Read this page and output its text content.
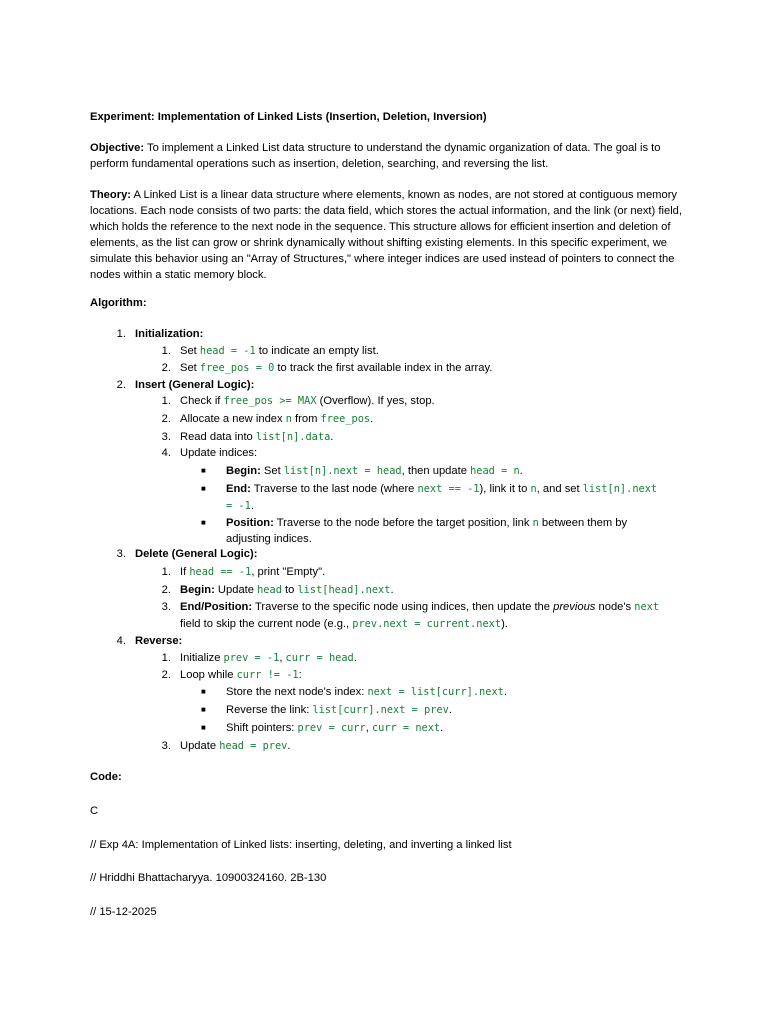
Experiment: Implementation of Linked Lists (Insertion, Deletion, Inversion)
Objective: To implement a Linked List data structure to understand the dynamic organization of data. The goal is to perform fundamental operations such as insertion, deletion, searching, and reversing the list.
Theory: A Linked List is a linear data structure where elements, known as nodes, are not stored at contiguous memory locations. Each node consists of two parts: the data field, which stores the actual information, and the link (or next) field, which holds the reference to the next node in the sequence. This structure allows for efficient insertion and deletion of elements, as the list can grow or shrink dynamically without shifting existing elements. In this specific experiment, we simulate this behavior using an "Array of Structures," where integer indices are used instead of pointers to connect the nodes within a static memory block.
Algorithm:
1. Initialization:
1. Set head = -1 to indicate an empty list.
2. Set free_pos = 0 to track the first available index in the array.
2. Insert (General Logic):
1. Check if free_pos >= MAX (Overflow). If yes, stop.
2. Allocate a new index n from free_pos.
3. Read data into list[n].data.
4. Update indices:
■ Begin: Set list[n].next = head, then update head = n.
■ End: Traverse to the last node (where next == -1), link it to n, and set list[n].next
= -1.
■ Position: Traverse to the node before the target position, link n between them by
adjusting indices.
3. Delete (General Logic):
1. If head == -1, print "Empty".
2. Begin: Update head to list[head].next.
3. End/Position: Traverse to the specific node using indices, then update the previous node's next
field to skip the current node (e.g., prev.next = current.next).
4. Reverse:
1. Initialize prev = -1, curr = head.
2. Loop while curr != -1:
■ Store the next node's index: next = list[curr].next.
■ Reverse the link: list[curr].next = prev.
■ Shift pointers: prev = curr, curr = next.
3. Update head = prev.
Code:
C
// Exp 4A: Implementation of Linked lists: inserting, deleting, and inverting a linked list
// Hriddhi Bhattacharyya. 10900324160. 2B-130
// 15-12-2025
